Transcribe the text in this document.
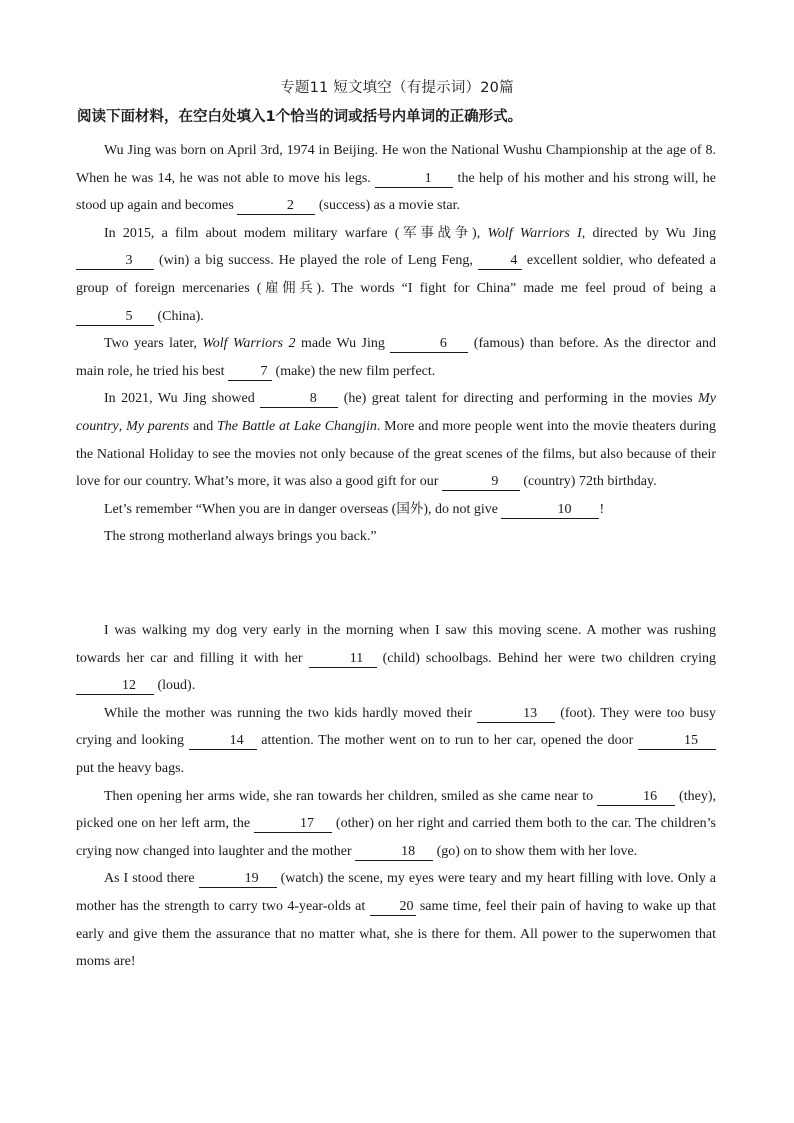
专题11 短文填空（有提示词）20篇
阅读下面材料，在空白处填入1个恰当的词或括号内单词的正确形式。

Wu Jing was born on April 3rd, 1974 in Beijing. He won the National Wushu Championship at the age of 8. When he was 14, he was not able to move his legs.	1 the help of his mother and his strong will, he stood up again and becomes	2 (success) as a movie star.

In 2015, a film about modem military warfare (军事战争), Wolf Warriors I, directed by Wu Jing 3 (win) a big success. He played the role of Leng Feng, 4 excellent soldier, who defeated a group of foreign mercenaries (雇佣兵). The words “I fight for China” made me feel proud of being a 5 (China).

Two years later, Wolf Warriors 2 made Wu Jing	6 (famous) than before. As the director and main role, he tried his best 7 (make) the new film perfect.

In 2021, Wu Jing showed	8 (he) great talent for directing and performing in the movies My country, My parents and The Battle at Lake Changjin. More and more people went into the movie theaters during the National Holiday to see the movies not only because of the great scenes of the films, but also because of their love for our country. What’s more, it was also a good gift for our	9 (country) 72th birthday.

Let’s remember “When you are in danger overseas (国外), do not give	10 !

The strong motherland always brings you back.”

I was walking my dog very early in the morning when I saw this moving scene. A mother was rushing towards her car and filling it with her	11 (child) schoolbags. Behind her were two children crying 12 (loud).

While the mother was running the two kids hardly moved their	13 (foot). They were too busy crying and looking	14 attention. The mother went on to run to her car, opened the door	15 put the heavy bags.

Then opening her arms wide, she ran towards her children, smiled as she came near to	16 (they), picked one on her left arm, the	17 (other) on her right and carried them both to the car. The children’s crying now changed into laughter and the mother	18 (go) on to show them with her love.

As I stood there	19 (watch) the scene, my eyes were teary and my heart filling with love. Only a mother has the strength to carry two 4-year-olds at 20 same time, feel their pain of having to wake up that early and give them the assurance that no matter what, she is there for them. All power to the superwomen that moms are!
